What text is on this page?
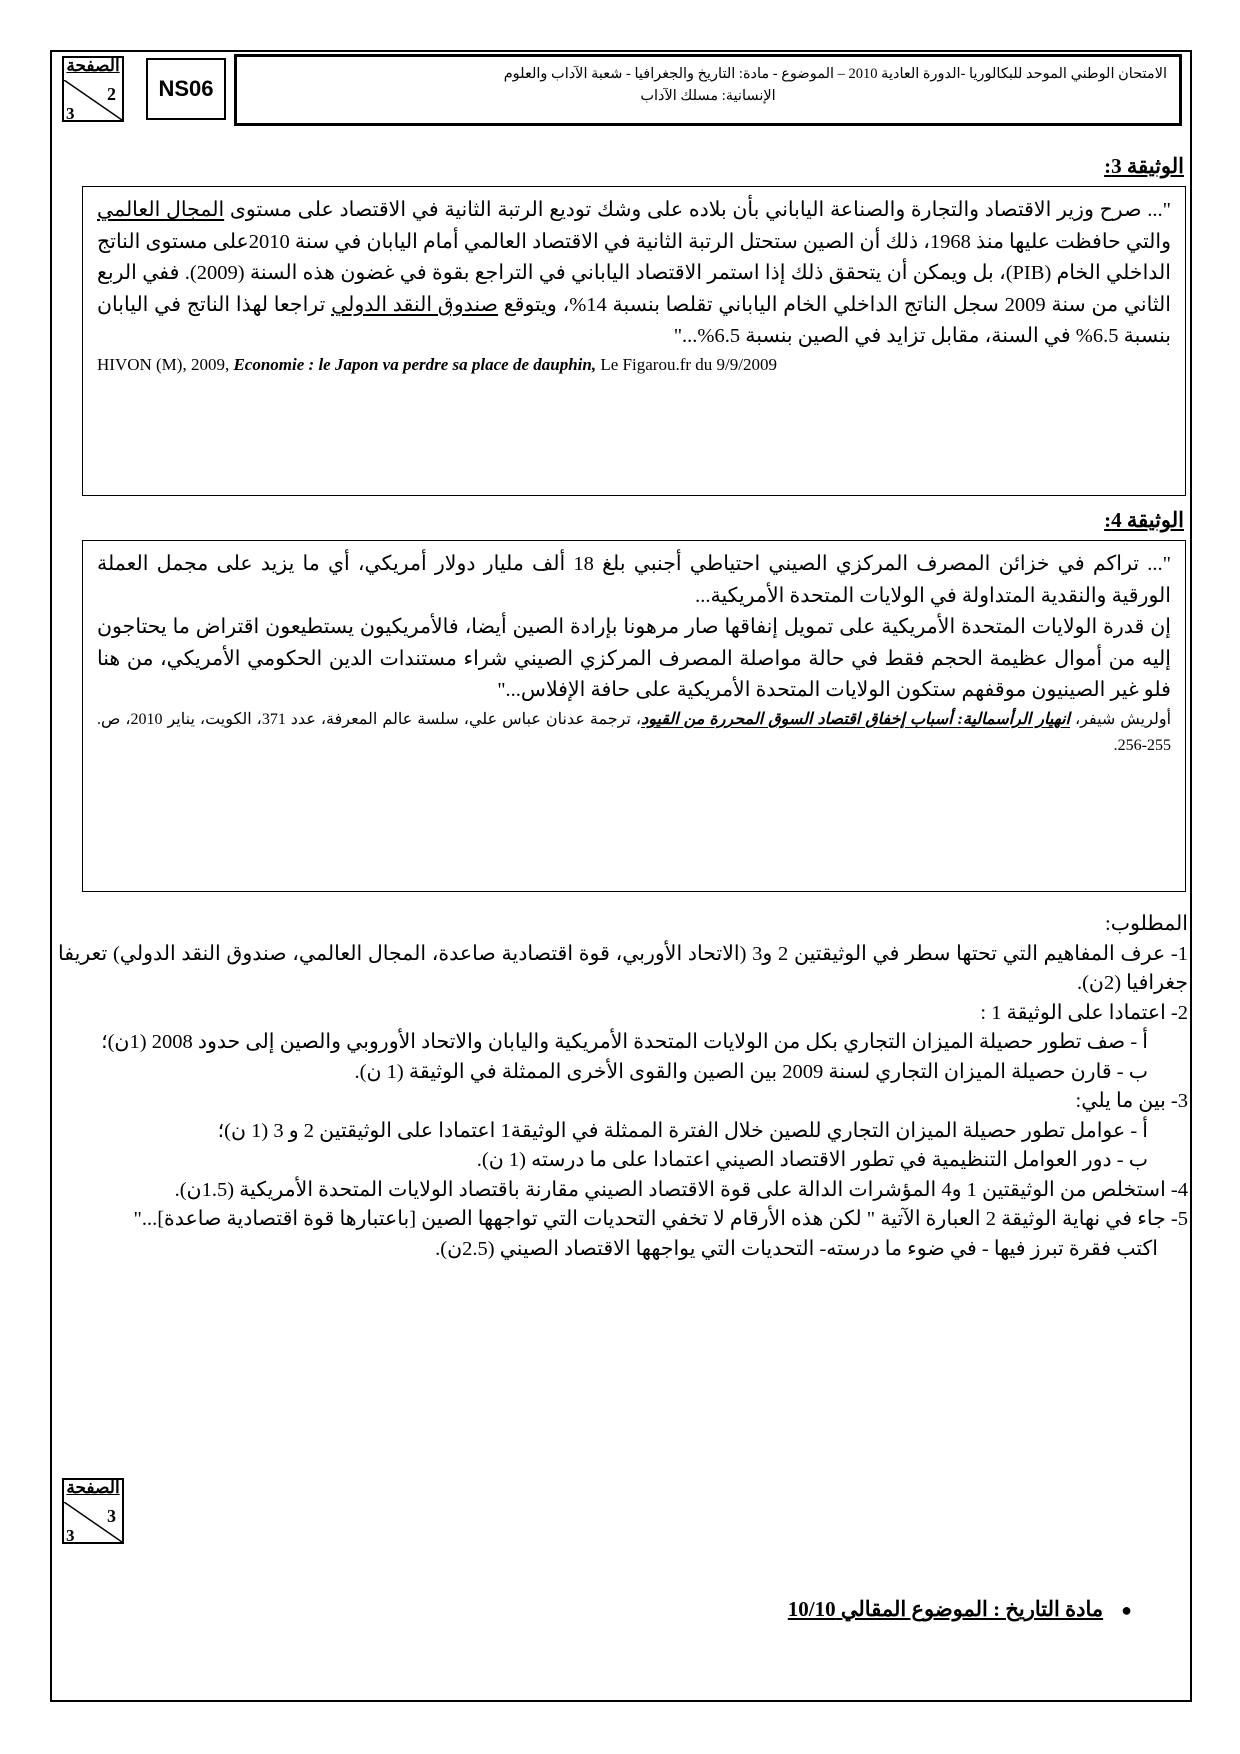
الصفحة
2
3
NS06
الامتحان الوطني الموحد للبكالوريا -الدورة العادية 2010 – الموضوع - مادة: التاريخ والجغرافيا - شعبة الآداب والعلوم
الإنسانية: مسلك الآداب
الوثيقة 3:

"... صرح وزير الاقتصاد والتجارة والصناعة الياباني بأن بلاده على وشك توديع الرتبة الثانية في الاقتصاد على مستوى المجال العالمي والتي حافظت عليها منذ 1968، ذلك أن الصين ستحتل الرتبة الثانية في الاقتصاد العالمي أمام اليابان في سنة 2010على مستوى الناتج الداخلي الخام (PIB)، بل ويمكن أن يتحقق ذلك إذا استمر الاقتصاد الياباني في التراجع بقوة في غضون هذه السنة (2009). ففي الربع الثاني من سنة 2009 سجل الناتج الداخلي الخام الياباني تقلصا بنسبة 14%، ويتوقع صندوق النقد الدولي تراجعا لهذا الناتج في اليابان بنسبة 6.5% في السنة، مقابل تزايد في الصين بنسبة 6.5%..."

HIVON (M), 2009, Economie : le Japon va perdre sa place de dauphin, Le Figarou.fr du 9/9/2009

الوثيقة 4:

"... تراكم في خزائن المصرف المركزي الصيني احتياطي أجنبي بلغ 18 ألف مليار دولار أمريكي، أي ما يزيد على مجمل العملة الورقية والنقدية المتداولة في الولايات المتحدة الأمريكية...

إن قدرة الولايات المتحدة الأمريكية على تمويل إنفاقها صار مرهونا بإرادة الصين أيضا، فالأمريكيون يستطيعون اقتراض ما يحتاجون إليه من أموال عظيمة الحجم فقط في حالة مواصلة المصرف المركزي الصيني شراء مستندات الدين الحكومي الأمريكي، من هنا فلو غير الصينيون موقفهم ستكون الولايات المتحدة الأمريكية على حافة الإفلاس..."

أولريش شيفر، انهيار الرأسمالية: أسباب إخفاق اقتصاد السوق المحررة من القيود، ترجمة عدنان عباس علي، سلسة عالم المعرفة، عدد 371، الكويت، يناير 2010، ص. 255-256.

المطلوب:

1- عرف المفاهيم التي تحتها سطر في الوثيقتين 2 و3 (الاتحاد الأوربي، قوة اقتصادية صاعدة، المجال العالمي، صندوق النقد الدولي) تعريفا جغرافيا (2ن).

2- اعتمادا على الوثيقة 1 :

أ - صف تطور حصيلة الميزان التجاري بكل من الولايات المتحدة الأمريكية واليابان والاتحاد الأوروبي والصين إلى حدود 2008 (1ن)؛

ب - قارن حصيلة الميزان التجاري لسنة 2009 بين الصين والقوى الأخرى الممثلة في الوثيقة (1 ن).

3- بين ما يلي:

أ - عوامل تطور حصيلة الميزان التجاري للصين خلال الفترة الممثلة في الوثيقة1 اعتمادا على الوثيقتين 2 و 3 (1 ن)؛

ب - دور العوامل التنظيمية في تطور الاقتصاد الصيني اعتمادا على ما درسته (1 ن).

4- استخلص من الوثيقتين 1 و4 المؤشرات الدالة على قوة الاقتصاد الصيني مقارنة باقتصاد الولايات المتحدة الأمريكية (1.5ن).

5- جاء في نهاية الوثيقة 2 العبارة الآتية " لكن هذه الأرقام لا تخفي التحديات التي تواجهها الصين [باعتبارها قوة اقتصادية صاعدة]..."

اكتب فقرة تبرز فيها - في ضوء ما درسته- التحديات التي يواجهها الاقتصاد الصيني (2.5ن).

الصفحة
3
3
●مادة التاريخ : الموضوع المقالي 10/10
